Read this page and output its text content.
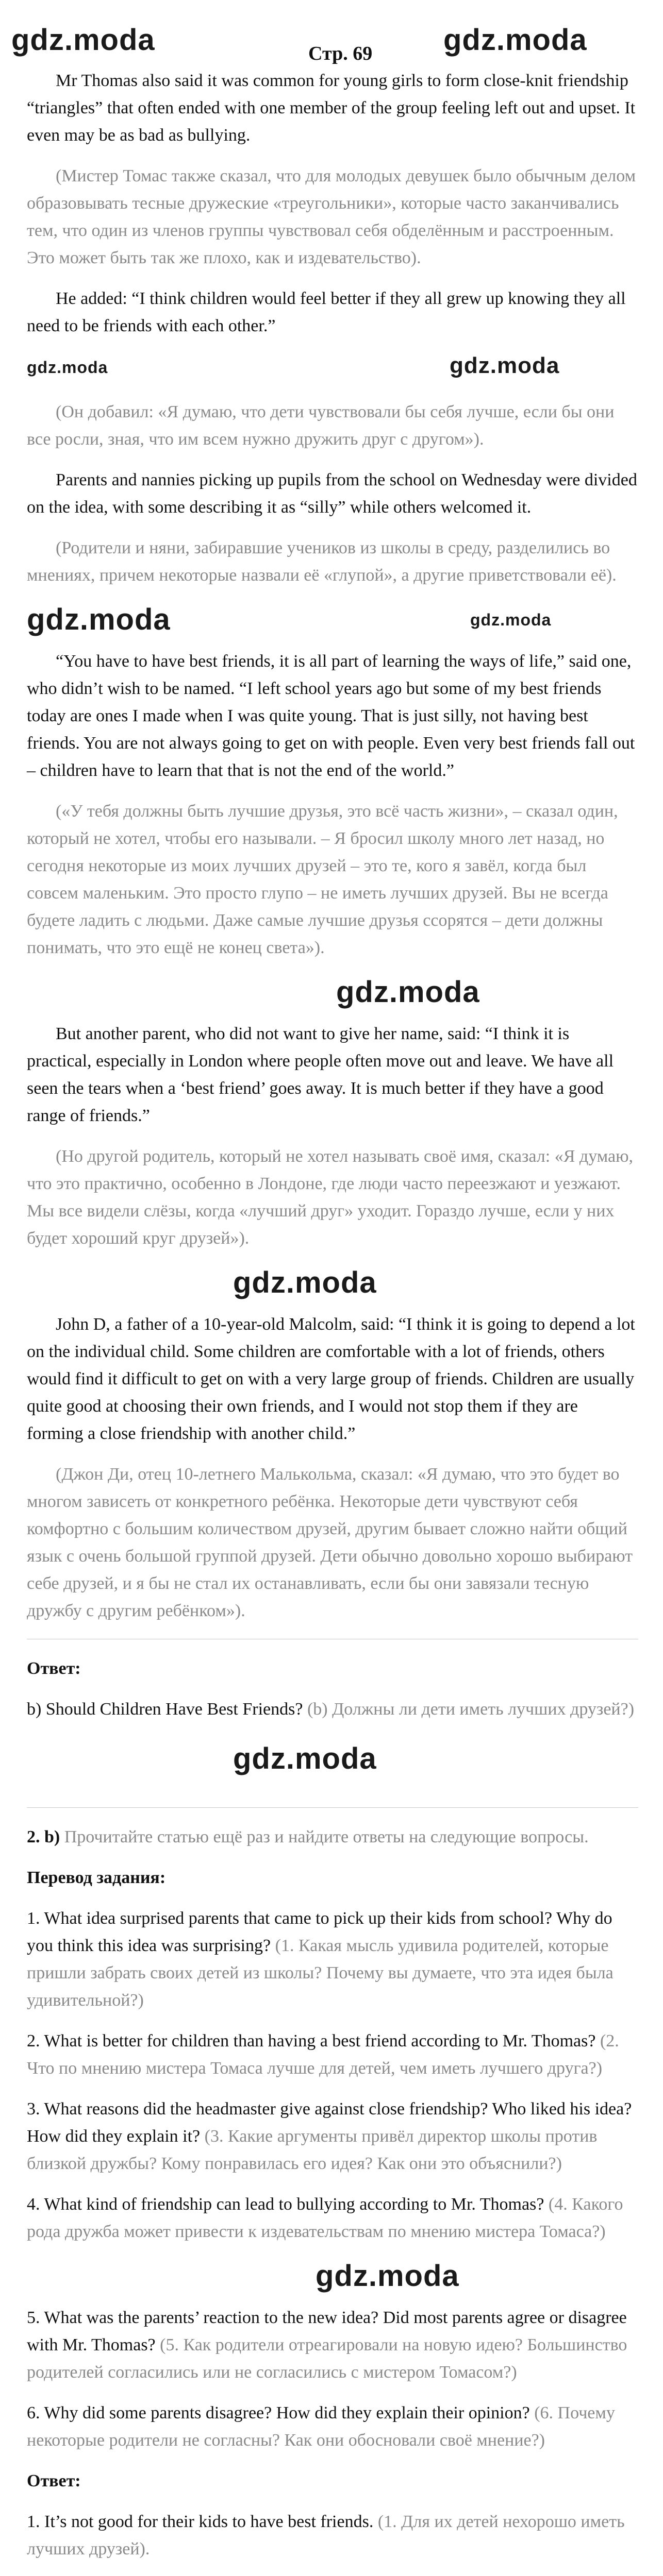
gdz.moda	Стр. 69 gdz.moda

Mr Thomas also said it was common for young girls to form close-knit friendship “triangles” that often ended with one member of the group feeling left out and upset. It even may be as bad as bullying.

(Мистер Томас также сказал, что для молодых девушек было обычным делом образовывать тесные дружеские «треугольники», которые часто заканчивались тем, что один из членов группы чувствовал себя обделённым и расстроенным. Это может быть так же плохо, как и издевательство).

He added: “I think children would feel better if they all grew up knowing they all need to be friends with each other.”

gdz.moda	gdz.moda

(Он добавил: «Я думаю, что дети чувствовали бы себя лучше, если бы они все росли, зная, что им всем нужно дружить друг с другом»).

Parents and nannies picking up pupils from the school on Wednesday were divided on the idea, with some describing it as “silly” while others welcomed it.

(Родители и няни, забиравшие учеников из школы в среду, разделились во мнениях, причем некоторые назвали её «глупой», а другие приветствовали её).

gdz.moda	gdz.moda

“You have to have best friends, it is all part of learning the ways of life,” said one, who didn’t wish to be named. “I left school years ago but some of my best friends today are ones I made when I was quite young. That is just silly, not having best friends. You are not always going to get on with people. Even very best friends fall out – children have to learn that that is not the end of the world.”

(«У тебя должны быть лучшие друзья, это всё часть жизни», – сказал один, который не хотел, чтобы его называли. – Я бросил школу много лет назад, но сегодня некоторые из моих лучших друзей – это те, кого я завёл, когда был совсем маленьким. Это просто глупо – не иметь лучших друзей. Вы не всегда будете ладить с людьми. Даже самые лучшие друзья ссорятся – дети должны понимать, что это ещё не конец света»).

gdz.moda

But another parent, who did not want to give her name, said: “I think it is practical, especially in London where people often move out and leave. We have all seen the tears when a ‘best friend’ goes away. It is much better if they have a good range of friends.”

(Но другой родитель, который не хотел называть своё имя, сказал: «Я думаю, что это практично, особенно в Лондоне, где люди часто переезжают и уезжают. Мы все видели слёзы, когда «лучший друг» уходит. Гораздо лучше, если у них будет хороший круг друзей»).

gdz.moda

John D, a father of a 10-year-old Malcolm, said: “I think it is going to depend a lot on the individual child. Some children are comfortable with a lot of friends, others would find it difficult to get on with a very large group of friends. Children are usually quite good at choosing their own friends, and I would not stop them if they are forming a close friendship with another child.”

(Джон Ди, отец 10-летнего Малькольма, сказал: «Я думаю, что это будет во многом зависеть от конкретного ребёнка. Некоторые дети чувствуют себя комфортно с большим количеством друзей, другим бывает сложно найти общий язык с очень большой группой друзей. Дети обычно довольно хорошо выбирают себе друзей, и я бы не стал их останавливать, если бы они завязали тесную дружбу с другим ребёнком»).

Ответ:

b) Should Children Have Best Friends? (b) Должны ли дети иметь лучших друзей?)

gdz.moda

2. b) Прочитайте статью ещё раз и найдите ответы на следующие вопросы.

Перевод задания:

1. What idea surprised parents that came to pick up their kids from school? Why do you think this idea was surprising? (1. Какая мысль удивила родителей, которые пришли забрать своих детей из школы? Почему вы думаете, что эта идея была удивительной?)

2. What is better for children than having a best friend according to Mr. Thomas? (2. Что по мнению мистера Томаса лучше для детей, чем иметь лучшего друга?)

3. What reasons did the headmaster give against close friendship? Who liked his idea? How did they explain it? (3. Какие аргументы привёл директор школы против близкой дружбы? Кому понравилась его идея? Как они это объяснили?)

4. What kind of friendship can lead to bullying according to Mr. Thomas? (4. Какого рода дружба может привести к издевательствам по мнению мистера Томаса?)

gdz.moda

5. What was the parents’ reaction to the new idea? Did most parents agree or disagree with Mr. Thomas? (5. Как родители отреагировали на новую идею? Большинство родителей согласились или не согласились с мистером Томасом?)

6. Why did some parents disagree? How did they explain their opinion? (6. Почему некоторые родители не согласны? Как они обосновали своё мнение?)

Ответ:

1. It’s not good for their kids to have best friends. (1. Для их детей нехорошо иметь лучших друзей).
